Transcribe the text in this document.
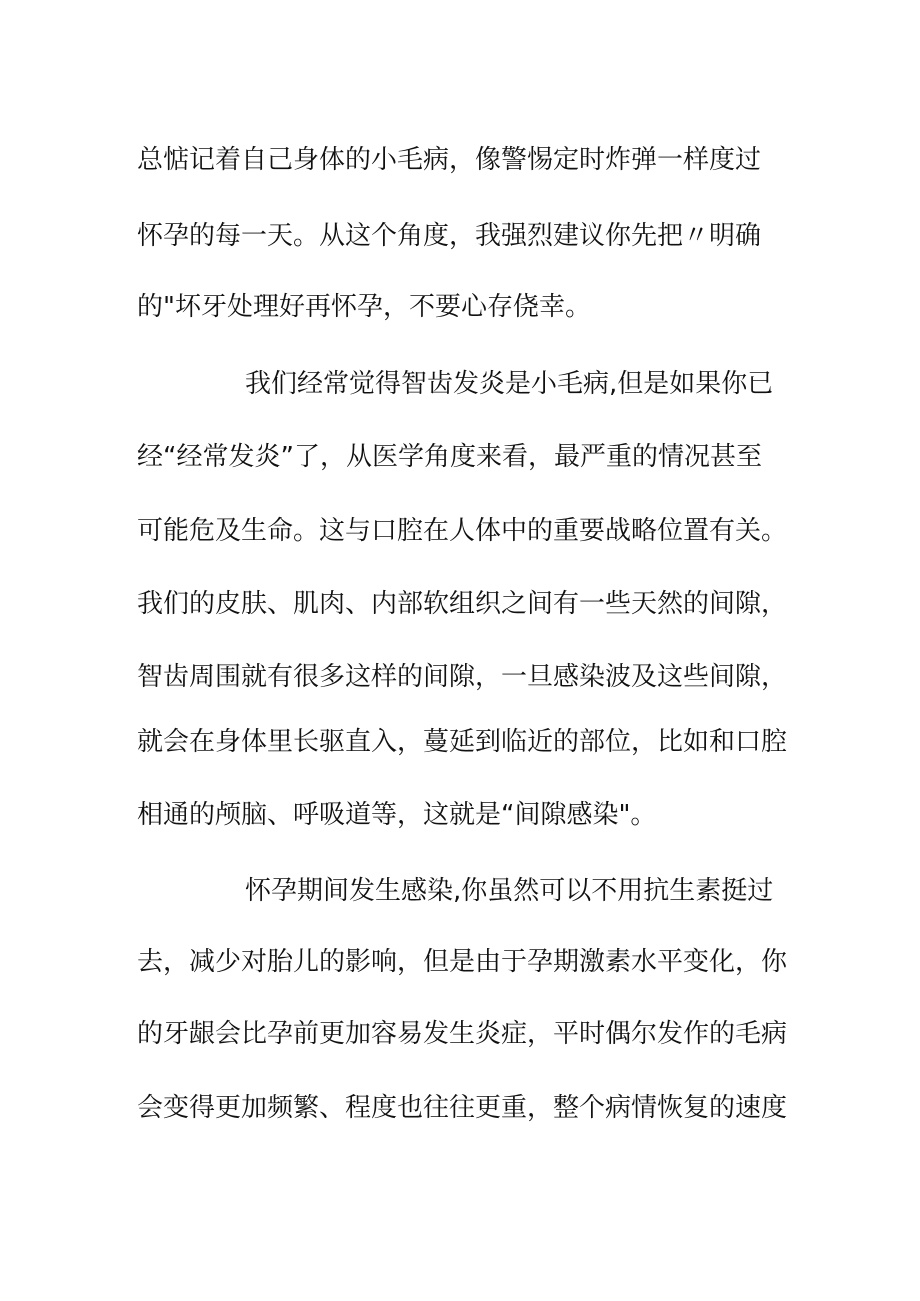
总惦记着自己身体的小毛病，像警惕定时炸弹一样度过
怀孕的每一天。从这个角度，我强烈建议你先把〃明确
的"坏牙处理好再怀孕，不要心存侥幸。
我们经常觉得智齿发炎是小毛病,但是如果你已
经“经常发炎”了，从医学角度来看，最严重的情况甚至
可能危及生命。这与口腔在人体中的重要战略位置有关。
我们的皮肤、肌肉、内部软组织之间有一些天然的间隙，
智齿周围就有很多这样的间隙，一旦感染波及这些间隙，
就会在身体里长驱直入，蔓延到临近的部位，比如和口腔
相通的颅脑、呼吸道等，这就是“间隙感染"。
怀孕期间发生感染,你虽然可以不用抗生素挺过
去，减少对胎儿的影响，但是由于孕期激素水平变化，你
的牙龈会比孕前更加容易发生炎症，平时偶尔发作的毛病
会变得更加频繁、程度也往往更重，整个病情恢复的速度
